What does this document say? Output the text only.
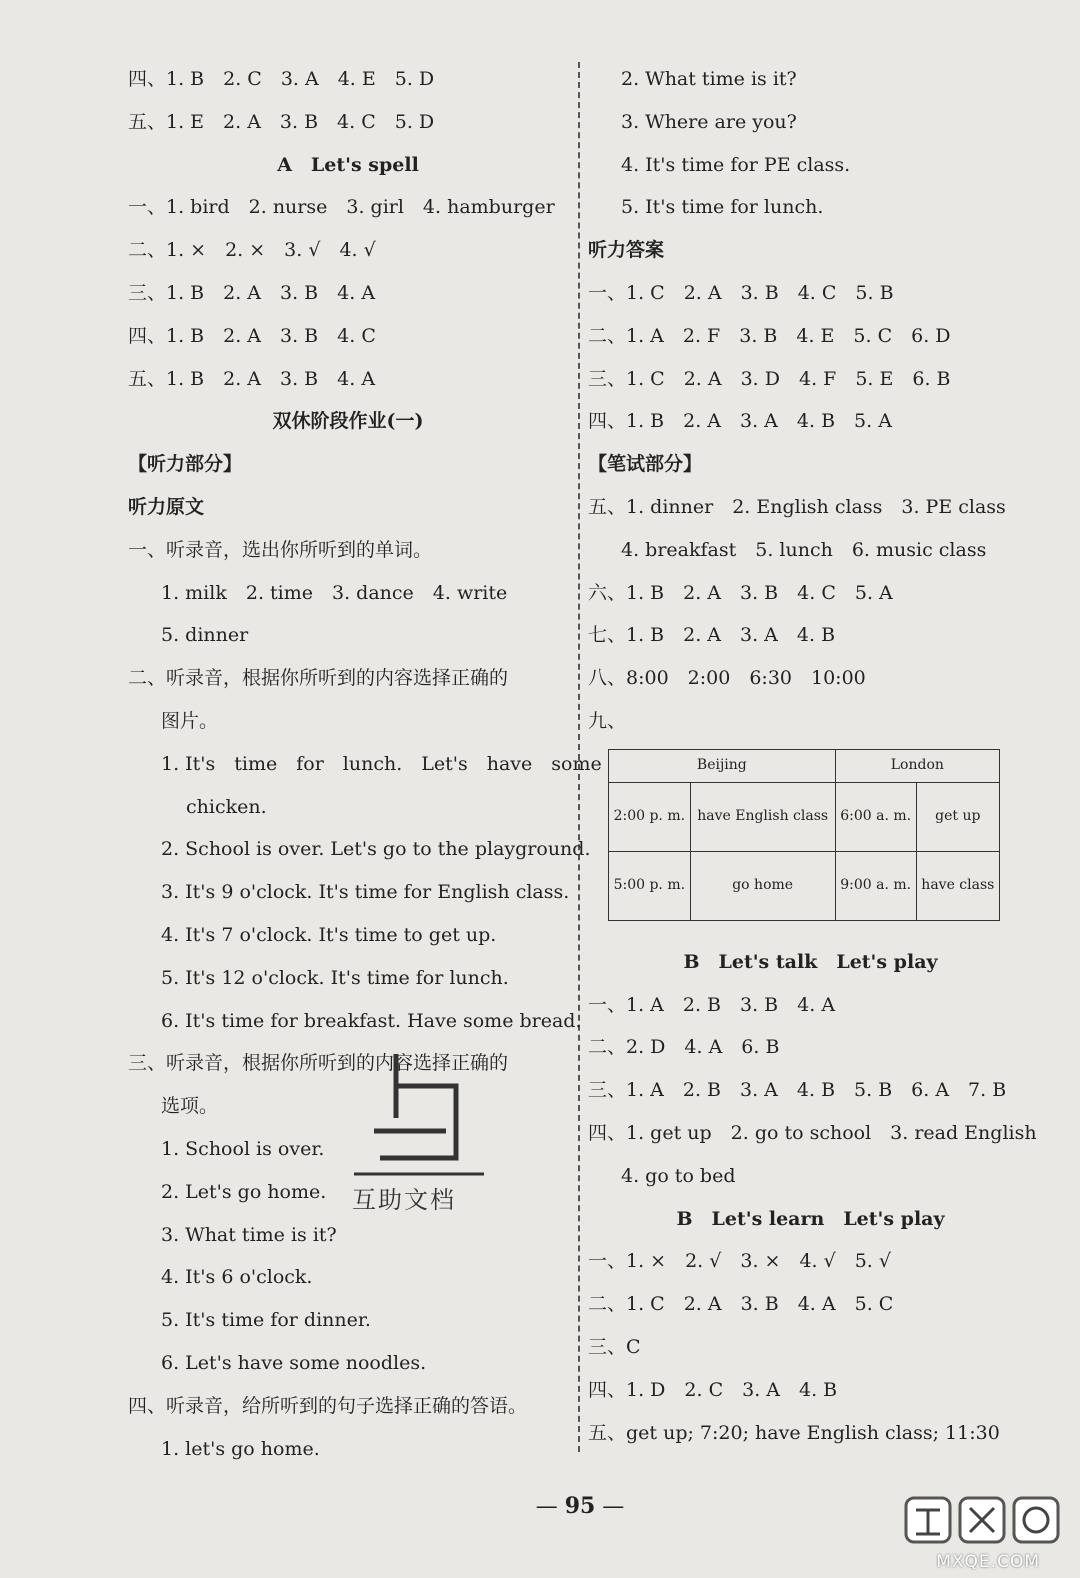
四、1. B　2. C　3. A　4. E　5. D
五、1. E　2. A　3. B　4. C　5. D
A　Let's spell
一、1. bird　2. nurse　3. girl　4. hamburger
二、1. ×　2. ×　3. √　4. √
三、1. B　2. A　3. B　4. A
四、1. B　2. A　3. B　4. C
五、1. B　2. A　3. B　4. A
双休阶段作业(一)
【听力部分】
听力原文
一、听录音，选出你所听到的单词。
1. milk　2. time　3. dance　4. write
5. dinner
二、听录音，根据你所听到的内容选择正确的
图片。
1. It's　time　for　lunch.　Let's　have　some
chicken.
2. School is over. Let's go to the playground.
3. It's 9 o'clock. It's time for English class.
4. It's 7 o'clock. It's time to get up.
5. It's 12 o'clock. It's time for lunch.
6. It's time for breakfast. Have some bread.
三、听录音，根据你所听到的内容选择正确的
选项。
1. School is over.
2. Let's go home.
3. What time is it?
4. It's 6 o'clock.
5. It's time for dinner.
6. Let's have some noodles.
四、听录音，给所听到的句子选择正确的答语。
1. let's go home.
2. What time is it?
3. Where are you?
4. It's time for PE class.
5. It's time for lunch.
听力答案
一、1. C　2. A　3. B　4. C　5. B
二、1. A　2. F　3. B　4. E　5. C　6. D
三、1. C　2. A　3. D　4. F　5. E　6. B
四、1. B　2. A　3. A　4. B　5. A
【笔试部分】
五、1. dinner　2. English class　3. PE class
4. breakfast　5. lunch　6. music class
六、1. B　2. A　3. B　4. C　5. A
七、1. B　2. A　3. A　4. B
八、8:00　2:00　6:30　10:00
九、
Beijing		London	
2:00 p. m.	have English class	6:00 a. m.	get up
5:00 p. m.	go home	9:00 a. m.	have class
B　Let's talk　Let's play
一、1. A　2. B　3. B　4. A
二、2. D　4. A　6. B
三、1. A　2. B　3. A　4. B　5. B　6. A　7. B
四、1. get up　2. go to school　3. read English
4. go to bed
B　Let's learn　Let's play
一、1. ×　2. √　3. ×　4. √　5. √
二、1. C　2. A　3. B　4. A　5. C
三、C
四、1. D　2. C　3. A　4. B
五、get up; 7:20; have English class; 11:30
互助文档
— 95 —
MXQE.COM
